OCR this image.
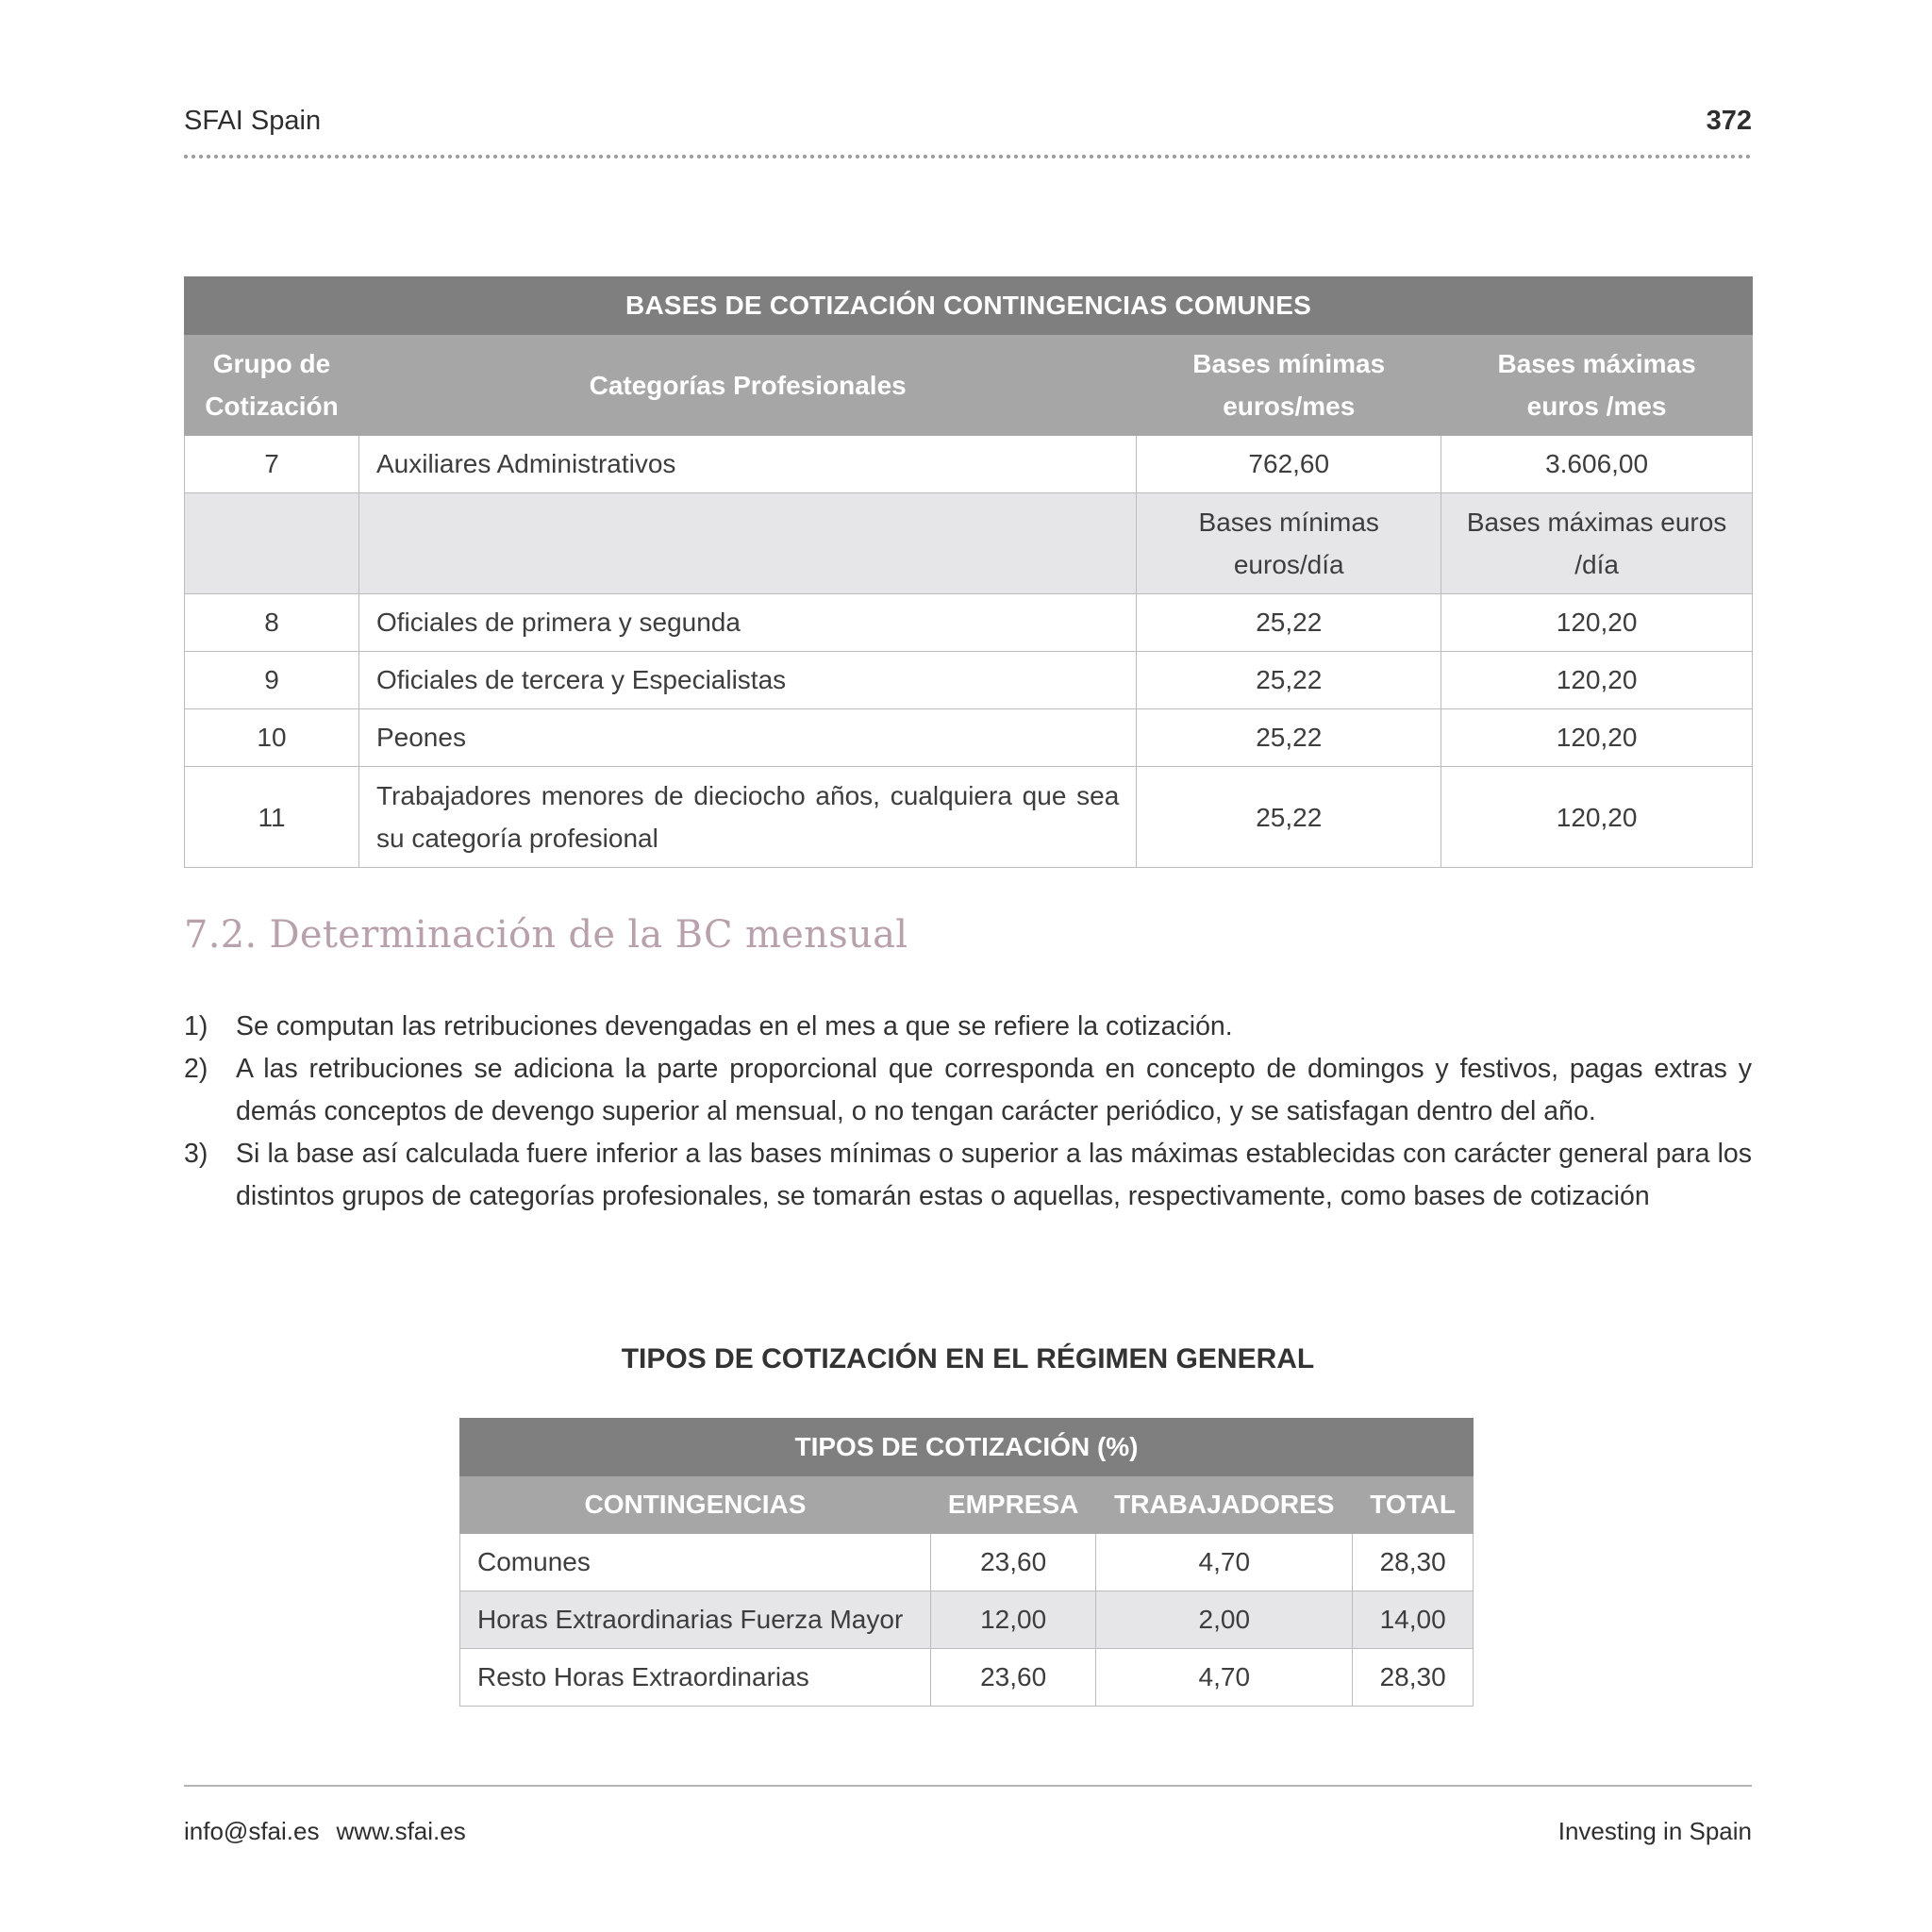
SFAI Spain	372
BASES DE COTIZACIÓN CONTINGENCIAS COMUNES			
Grupo de Cotización	Categorías Profesionales	Bases mínimas euros/mes	Bases máximas euros /mes
7	Auxiliares Administrativos	762,60	3.606,00
		Bases mínimas euros/día	Bases máximas euros /día
8	Oficiales de primera y segunda	25,22	120,20
9	Oficiales de tercera y Especialistas	25,22	120,20
10	Peones	25,22	120,20
11	Trabajadores menores de dieciocho años, cualquiera que sea su categoría profesional	25,22	120,20
7.2. Determinación de la BC mensual
1) Se computan las retribuciones devengadas en el mes a que se refiere la cotización.
2) A las retribuciones se adiciona la parte proporcional que corresponda en concepto de domingos y festivos, pagas extras y demás conceptos de devengo superior al mensual, o no tengan carácter periódico, y se satisfagan dentro del año.
3) Si la base así calculada fuere inferior a las bases mínimas o superior a las máximas establecidas con carácter general para los distintos grupos de categorías profesionales, se tomarán estas o aquellas, respectivamente, como bases de cotización
TIPOS DE COTIZACIÓN EN EL RÉGIMEN GENERAL
TIPOS DE COTIZACIÓN (%)			
CONTINGENCIAS	EMPRESA	TRABAJADORES	TOTAL
Comunes	23,60	4,70	28,30
Horas Extraordinarias Fuerza Mayor	12,00	2,00	14,00
Resto Horas Extraordinarias	23,60	4,70	28,30
info@sfai.es www.sfai.es	Investing in Spain
